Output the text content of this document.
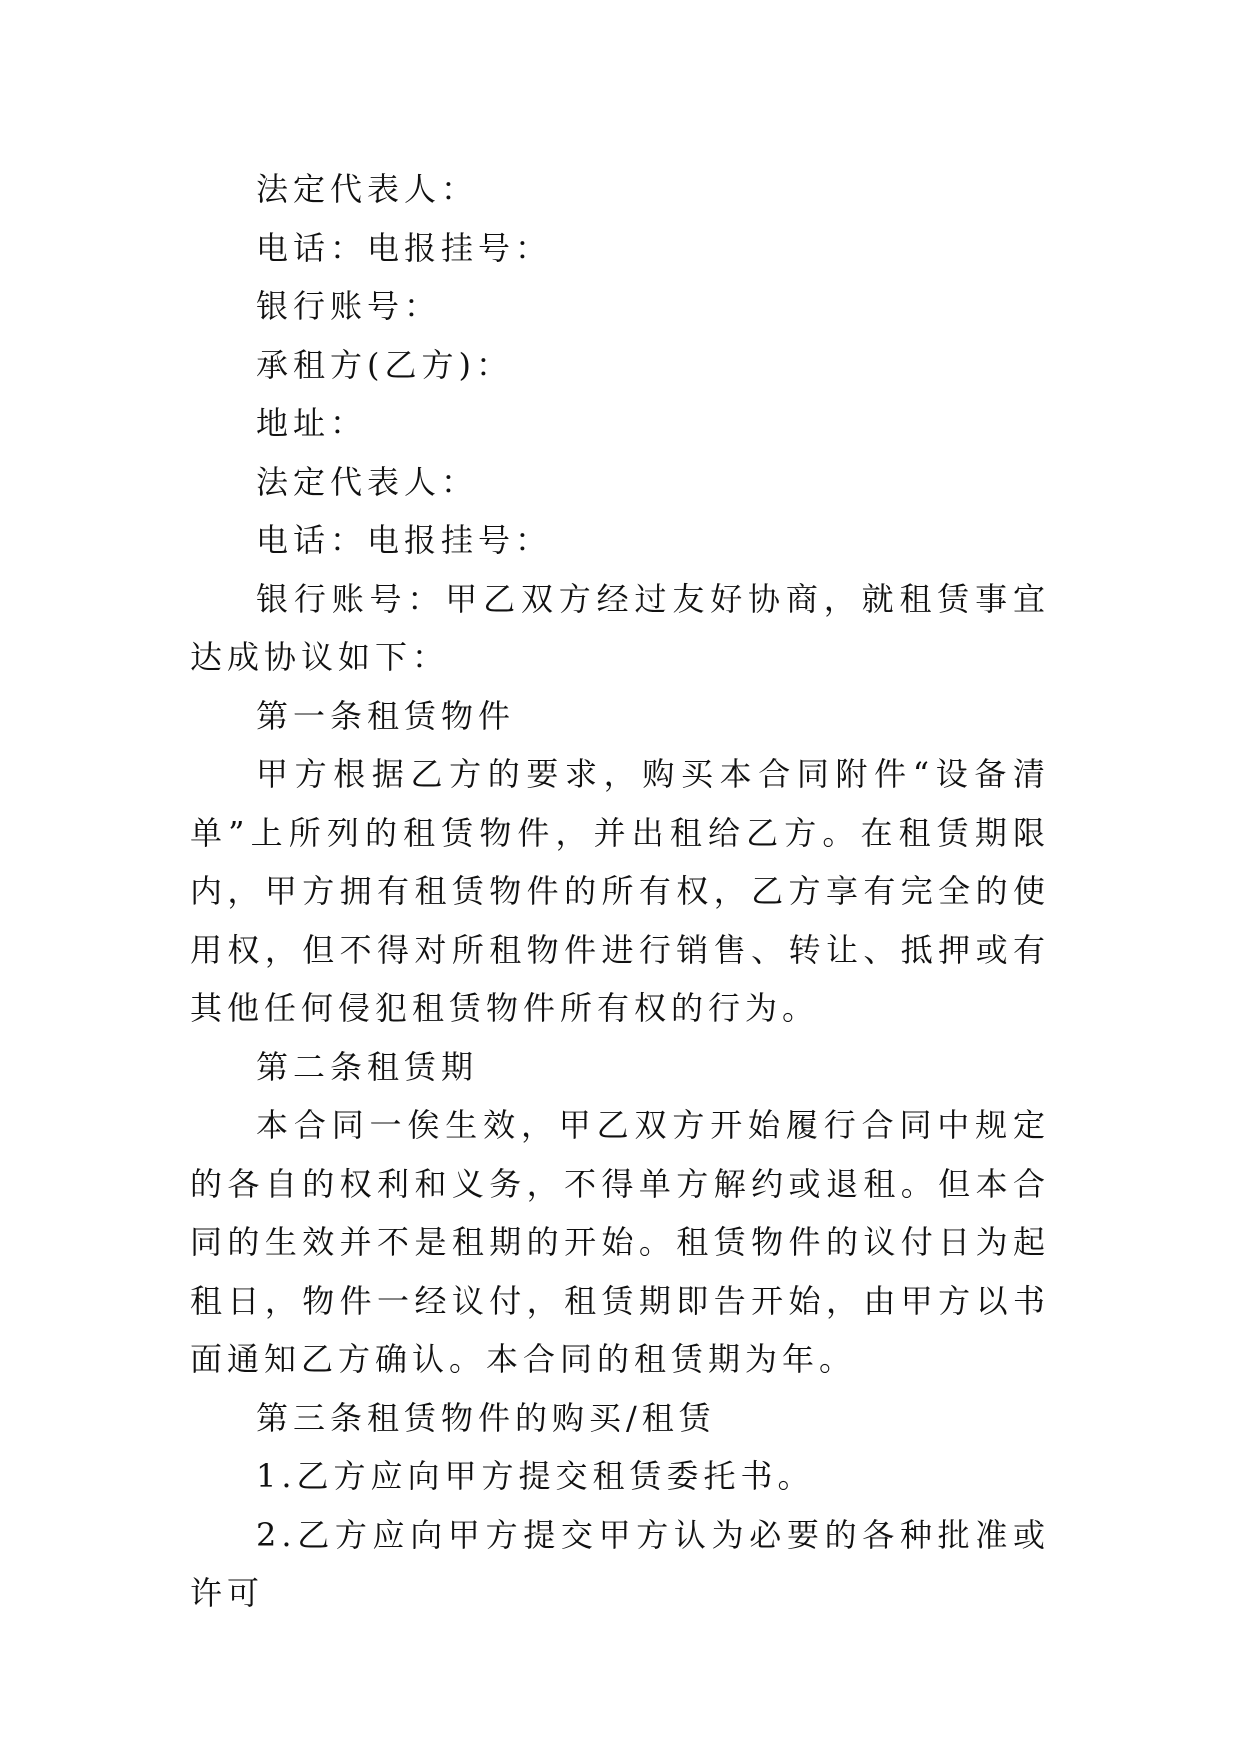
法定代表人：

电话：电报挂号：

银行账号：

承租方(乙方)：

地址：

法定代表人：

电话：电报挂号：

银行账号：甲乙双方经过友好协商，就租赁事宜达成协议如下：

第一条租赁物件

甲方根据乙方的要求，购买本合同附件“设备清单”上所列的租赁物件，并出租给乙方。在租赁期限内，甲方拥有租赁物件的所有权，乙方享有完全的使用权，但不得对所租物件进行销售、转让、抵押或有其他任何侵犯租赁物件所有权的行为。

第二条租赁期

本合同一俟生效，甲乙双方开始履行合同中规定的各自的权利和义务，不得单方解约或退租。但本合同的生效并不是租期的开始。租赁物件的议付日为起租日，物件一经议付，租赁期即告开始，由甲方以书面通知乙方确认。本合同的租赁期为年。

第三条租赁物件的购买/租赁

1.乙方应向甲方提交租赁委托书。

2.乙方应向甲方提交甲方认为必要的各种批准或许可
